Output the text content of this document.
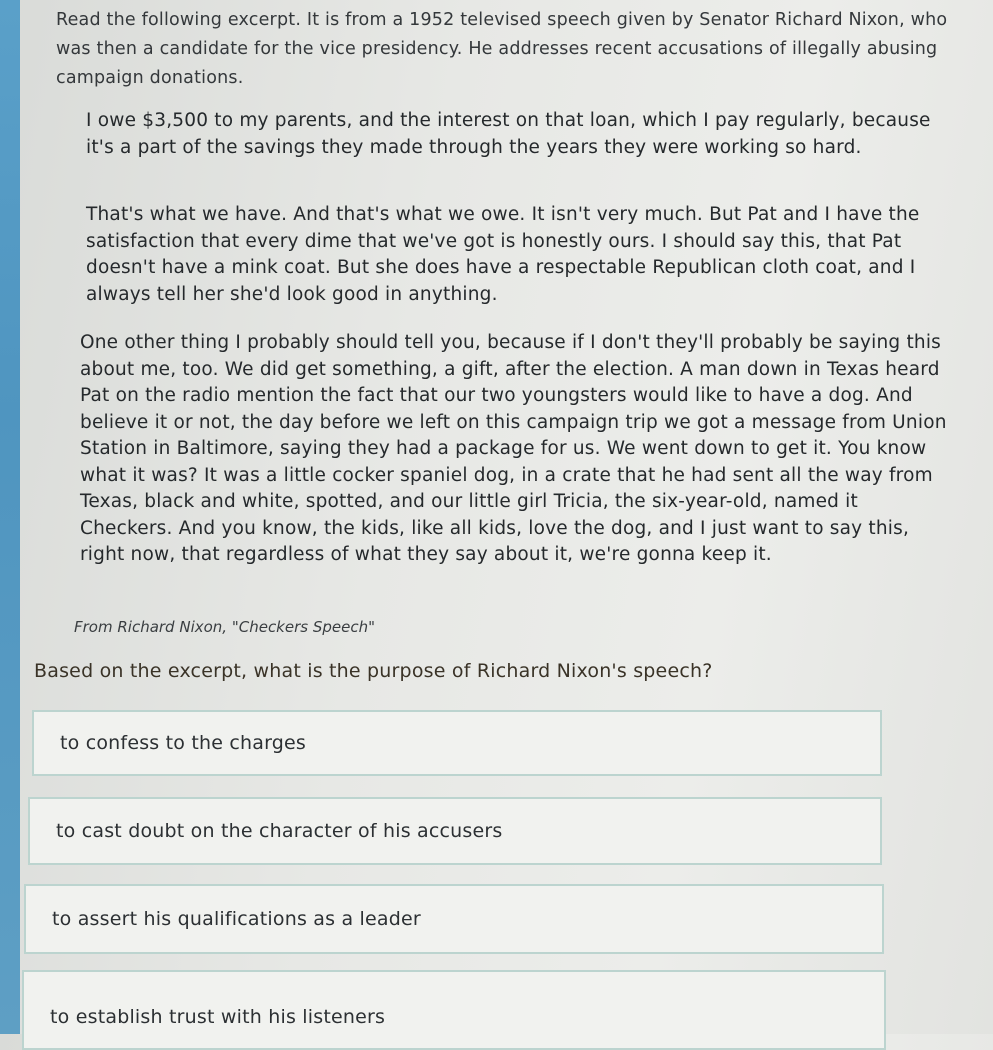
Read the following excerpt. It is from a 1952 televised speech given by Senator Richard Nixon, who was then a candidate for the vice presidency. He addresses recent accusations of illegally abusing campaign donations.
I owe $3,500 to my parents, and the interest on that loan, which I pay regularly, because it's a part of the savings they made through the years they were working so hard.
That's what we have. And that's what we owe. It isn't very much. But Pat and I have the satisfaction that every dime that we've got is honestly ours. I should say this, that Pat doesn't have a mink coat. But she does have a respectable Republican cloth coat, and I always tell her she'd look good in anything.
One other thing I probably should tell you, because if I don't they'll probably be saying this about me, too. We did get something, a gift, after the election. A man down in Texas heard Pat on the radio mention the fact that our two youngsters would like to have a dog. And believe it or not, the day before we left on this campaign trip we got a message from Union Station in Baltimore, saying they had a package for us. We went down to get it. You know what it was? It was a little cocker spaniel dog, in a crate that he had sent all the way from Texas, black and white, spotted, and our little girl Tricia, the six-year-old, named it Checkers. And you know, the kids, like all kids, love the dog, and I just want to say this, right now, that regardless of what they say about it, we're gonna keep it.
From Richard Nixon, "Checkers Speech"
Based on the excerpt, what is the purpose of Richard Nixon's speech?
to confess to the charges
to cast doubt on the character of his accusers
to assert his qualifications as a leader
to establish trust with his listeners
